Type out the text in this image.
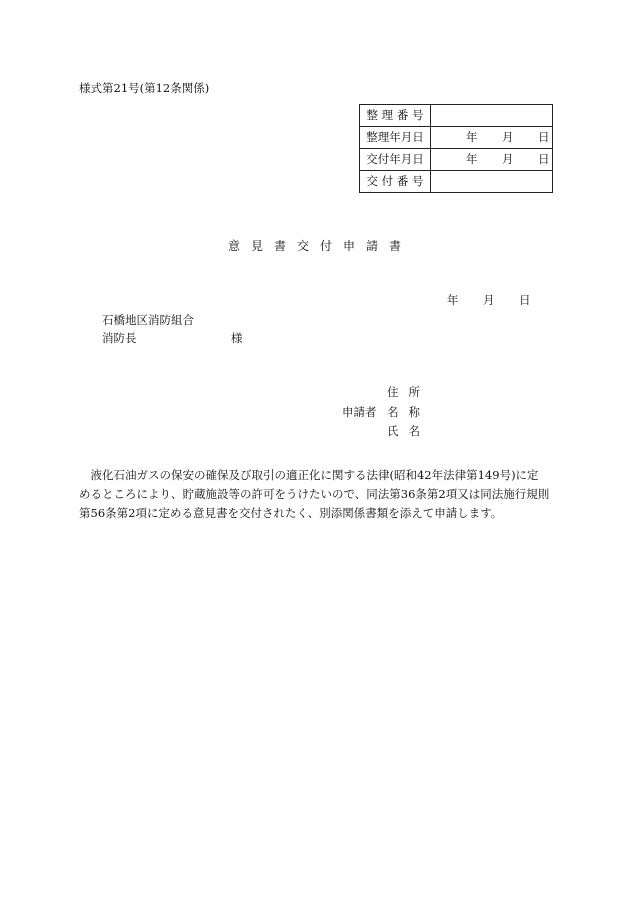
様式第21号(第12条関係)
整 理 番 号	
整理年月日	年 月 日

交付年月日	年 月 日

交 付 番 号	
意見書交付申請書
年 月 日
石橋地区消防組合
消防長	様
住所
申請者 名称
氏名
　液化石油ガスの保安の確保及び取引の適正化に関する法律(昭和42年法律第149号)に定
めるところにより、貯蔵施設等の許可をうけたいので、同法第36条第2項又は同法施行規則
第56条第2項に定める意見書を交付されたく、別添関係書類を添えて申請します。
